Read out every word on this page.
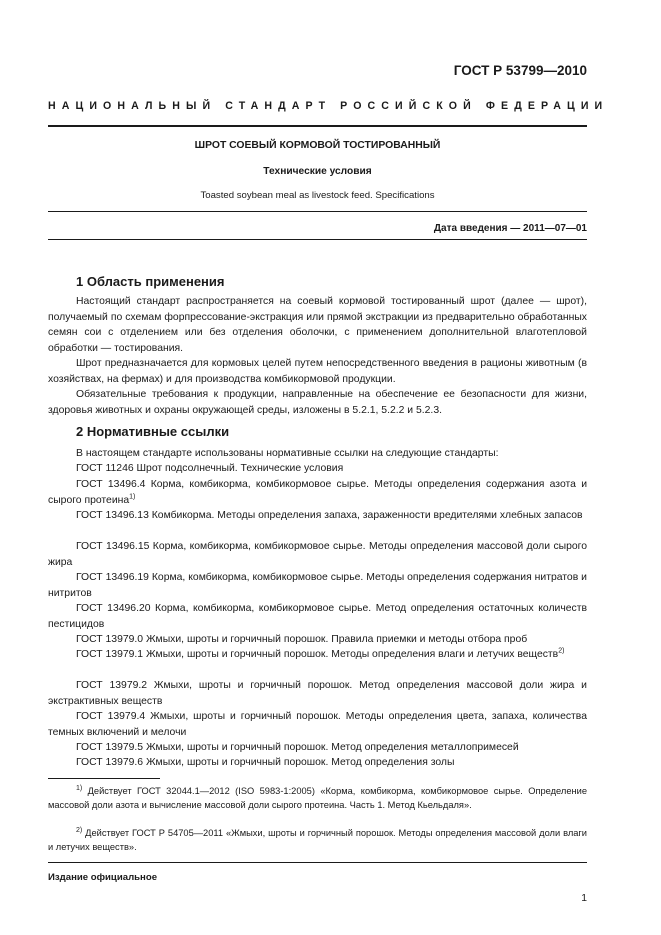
ГОСТ Р 53799—2010
НАЦИОНАЛЬНЫЙ СТАНДАРТ РОССИЙСКОЙ ФЕДЕРАЦИИ
ШРОТ СОЕВЫЙ КОРМОВОЙ ТОСТИРОВАННЫЙ
Технические условия
Toasted soybean meal as livestock feed. Specifications
Дата введения — 2011—07—01
1 Область применения
Настоящий стандарт распространяется на соевый кормовой тостированный шрот (далее — шрот), получаемый по схемам форпрессование-экстракция или прямой экстракции из предварительно обработанных семян сои с отделением или без отделения оболочки, с применением дополнительной влаготепловой обработки — тостирования.
Шрот предназначается для кормовых целей путем непосредственного введения в рационы животным (в хозяйствах, на фермах) и для производства комбикормовой продукции.
Обязательные требования к продукции, направленные на обеспечение ее безопасности для жизни, здоровья животных и охраны окружающей среды, изложены в 5.2.1, 5.2.2 и 5.2.3.
2 Нормативные ссылки
В настоящем стандарте использованы нормативные ссылки на следующие стандарты:
ГОСТ 11246 Шрот подсолнечный. Технические условия
ГОСТ 13496.4 Корма, комбикорма, комбикормовое сырье. Методы определения содержания азота и сырого протеина$^{1)}$
ГОСТ 13496.13 Комбикорма. Методы определения запаха, зараженности вредителями хлебных запасов
ГОСТ 13496.15 Корма, комбикорма, комбикормовое сырье. Методы определения массовой доли сырого жира
ГОСТ 13496.19 Корма, комбикорма, комбикормовое сырье. Методы определения содержания нитратов и нитритов
ГОСТ 13496.20 Корма, комбикорма, комбикормовое сырье. Метод определения остаточных количеств пестицидов
ГОСТ 13979.0 Жмыхи, шроты и горчичный порошок. Правила приемки и методы отбора проб
ГОСТ 13979.1 Жмыхи, шроты и горчичный порошок. Методы определения влаги и летучих веществ$^{2)}$
ГОСТ 13979.2 Жмыхи, шроты и горчичный порошок. Метод определения массовой доли жира и экстрактивных веществ
ГОСТ 13979.4 Жмыхи, шроты и горчичный порошок. Методы определения цвета, запаха, количества темных включений и мелочи
ГОСТ 13979.5 Жмыхи, шроты и горчичный порошок. Метод определения металлопримесей
ГОСТ 13979.6 Жмыхи, шроты и горчичный порошок. Метод определения золы
$^{1)}$ Действует ГОСТ 32044.1—2012 (ISO 5983-1:2005) «Корма, комбикорма, комбикормовое сырье. Определение массовой доли азота и вычисление массовой доли сырого протеина. Часть 1. Метод Кьельдаля».
$^{2)}$ Действует ГОСТ Р 54705—2011 «Жмыхи, шроты и горчичный порошок. Методы определения массовой доли влаги и летучих веществ».
Издание официальное
1
